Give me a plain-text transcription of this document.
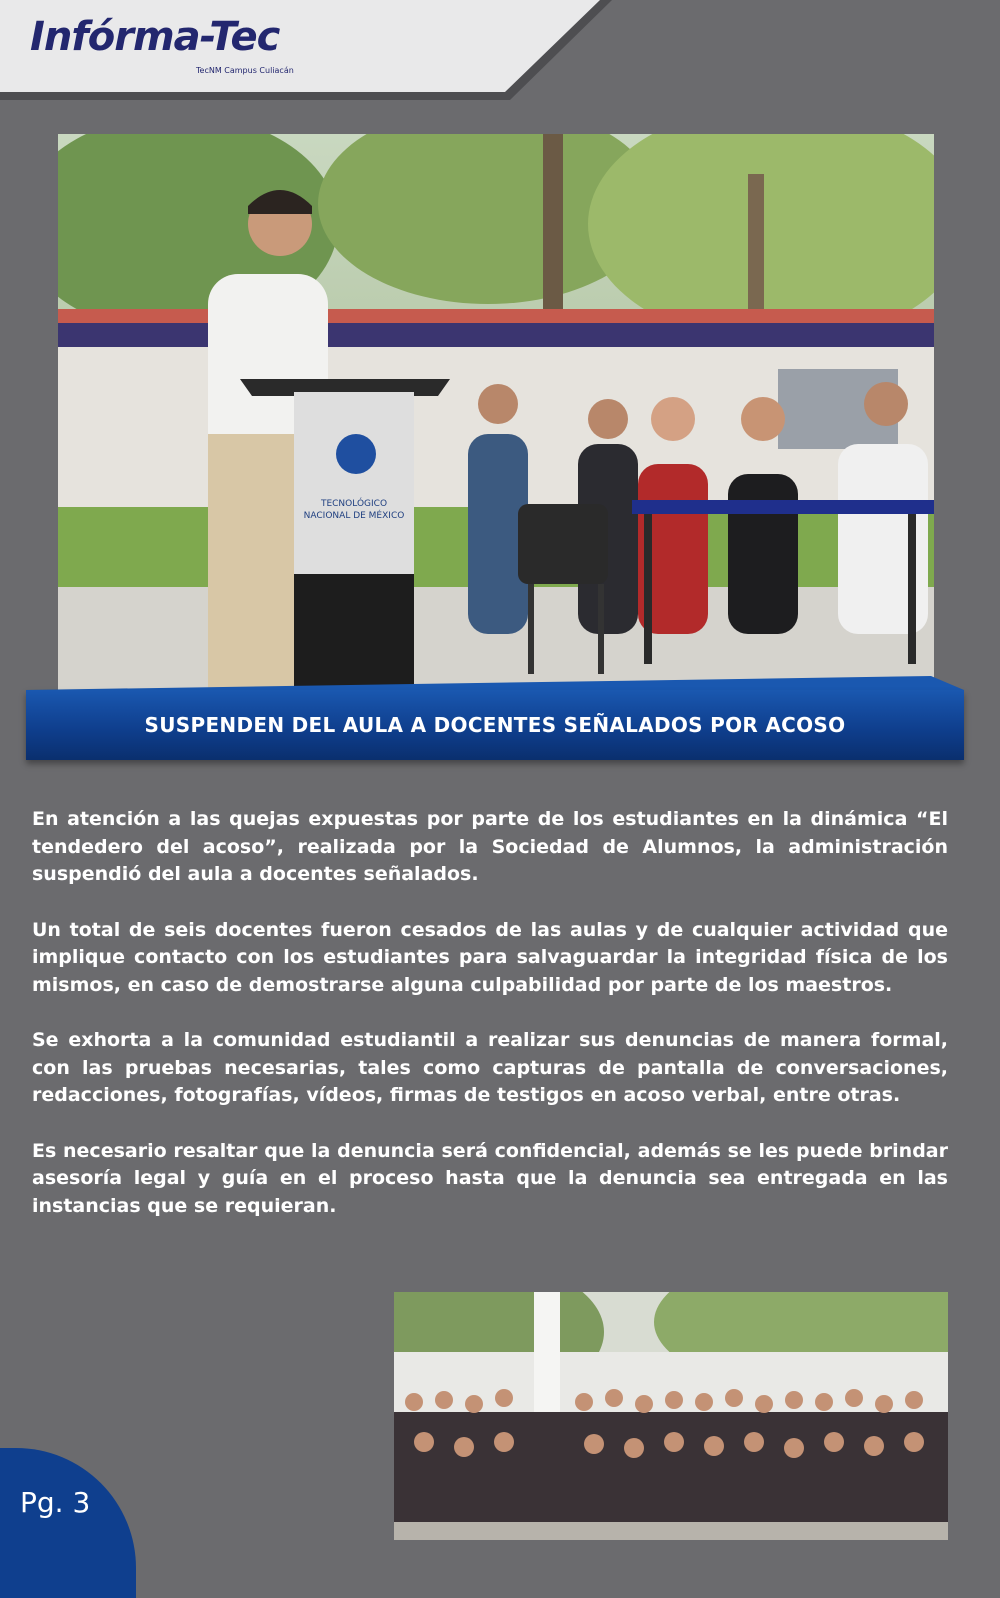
Infórma-Tec
TecNM Campus Culiacán
TECNOLÓGICO
NACIONAL DE MÉXICO
SUSPENDEN DEL AULA A DOCENTES SEÑALADOS POR ACOSO

En atención a las quejas expuestas por parte de los estudiantes en la dinámica “El tendedero del acoso”, realizada por la Sociedad de Alumnos, la administración suspendió del aula a docentes señalados.

Un total de seis docentes fueron cesados de las aulas y de cualquier actividad que implique contacto con los estudiantes para salvaguardar la integridad física de los mismos, en caso de demostrarse alguna culpabilidad por parte de los maestros.

Se exhorta a la comunidad estudiantil a realizar sus denuncias de manera formal, con las pruebas necesarias, tales como capturas de pantalla de conversaciones, redacciones, fotografías, vídeos, firmas de testigos en acoso verbal, entre otras.

Es necesario resaltar que la denuncia será confidencial, además se les puede brindar asesoría legal y guía en el proceso hasta que la denuncia sea entregada en las instancias que se requieran.

Pg. 3
